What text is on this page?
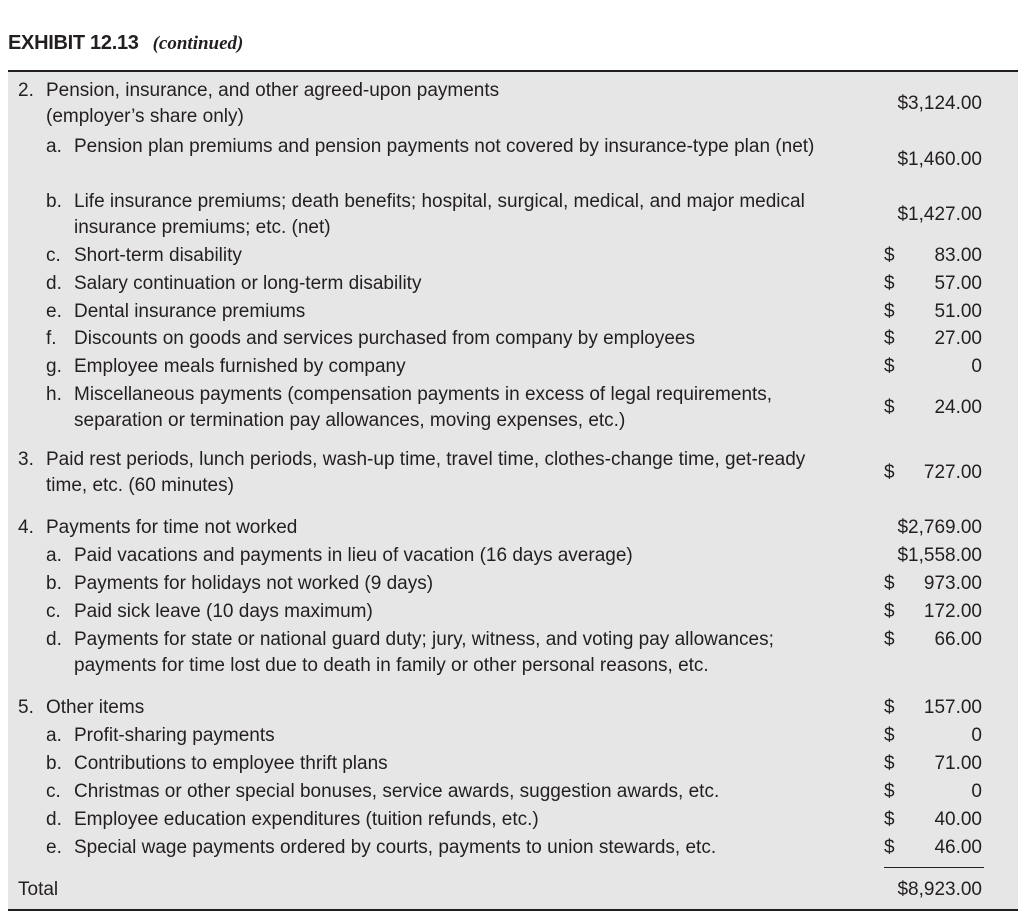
EXHIBIT 12.13 (continued)
2. Pension, insurance, and other agreed-upon payments (employer’s share only)
$3,124.00
a. Pension plan premiums and pension payments not covered by insurance-type plan (net)
$1,460.00
b. Life insurance premiums; death benefits; hospital, surgical, medical, and major medical insurance premiums; etc. (net)
$1,427.00
c. Short-term disability	$	83.00
d. Salary continuation or long-term disability	$	57.00
e. Dental insurance premiums	$	51.00
f. Discounts on goods and services purchased from company by employees	$	27.00
g. Employee meals furnished by company	$	0
h. Miscellaneous payments (compensation payments in excess of legal requirements, separation or termination pay allowances, moving expenses, etc.)
$	24.00
3. Paid rest periods, lunch periods, wash-up time, travel time, clothes-change time, get-ready time, etc. (60 minutes)
$	727.00
4. Payments for time not worked	$2,769.00
a. Paid vacations and payments in lieu of vacation (16 days average)	$1,558.00
b. Payments for holidays not worked (9 days)	$	973.00
c. Paid sick leave (10 days maximum)	$	172.00
d. Payments for state or national guard duty; jury, witness, and voting pay allowances; payments for time lost due to death in family or other personal reasons, etc.
$	66.00
5. Other items	$	157.00
a. Profit-sharing payments	$	0
b. Contributions to employee thrift plans	$	71.00
c. Christmas or other special bonuses, service awards, suggestion awards, etc.	$	0
d. Employee education expenditures (tuition refunds, etc.)	$	40.00
e. Special wage payments ordered by courts, payments to union stewards, etc.	$	46.00
Total	$8,923.00
